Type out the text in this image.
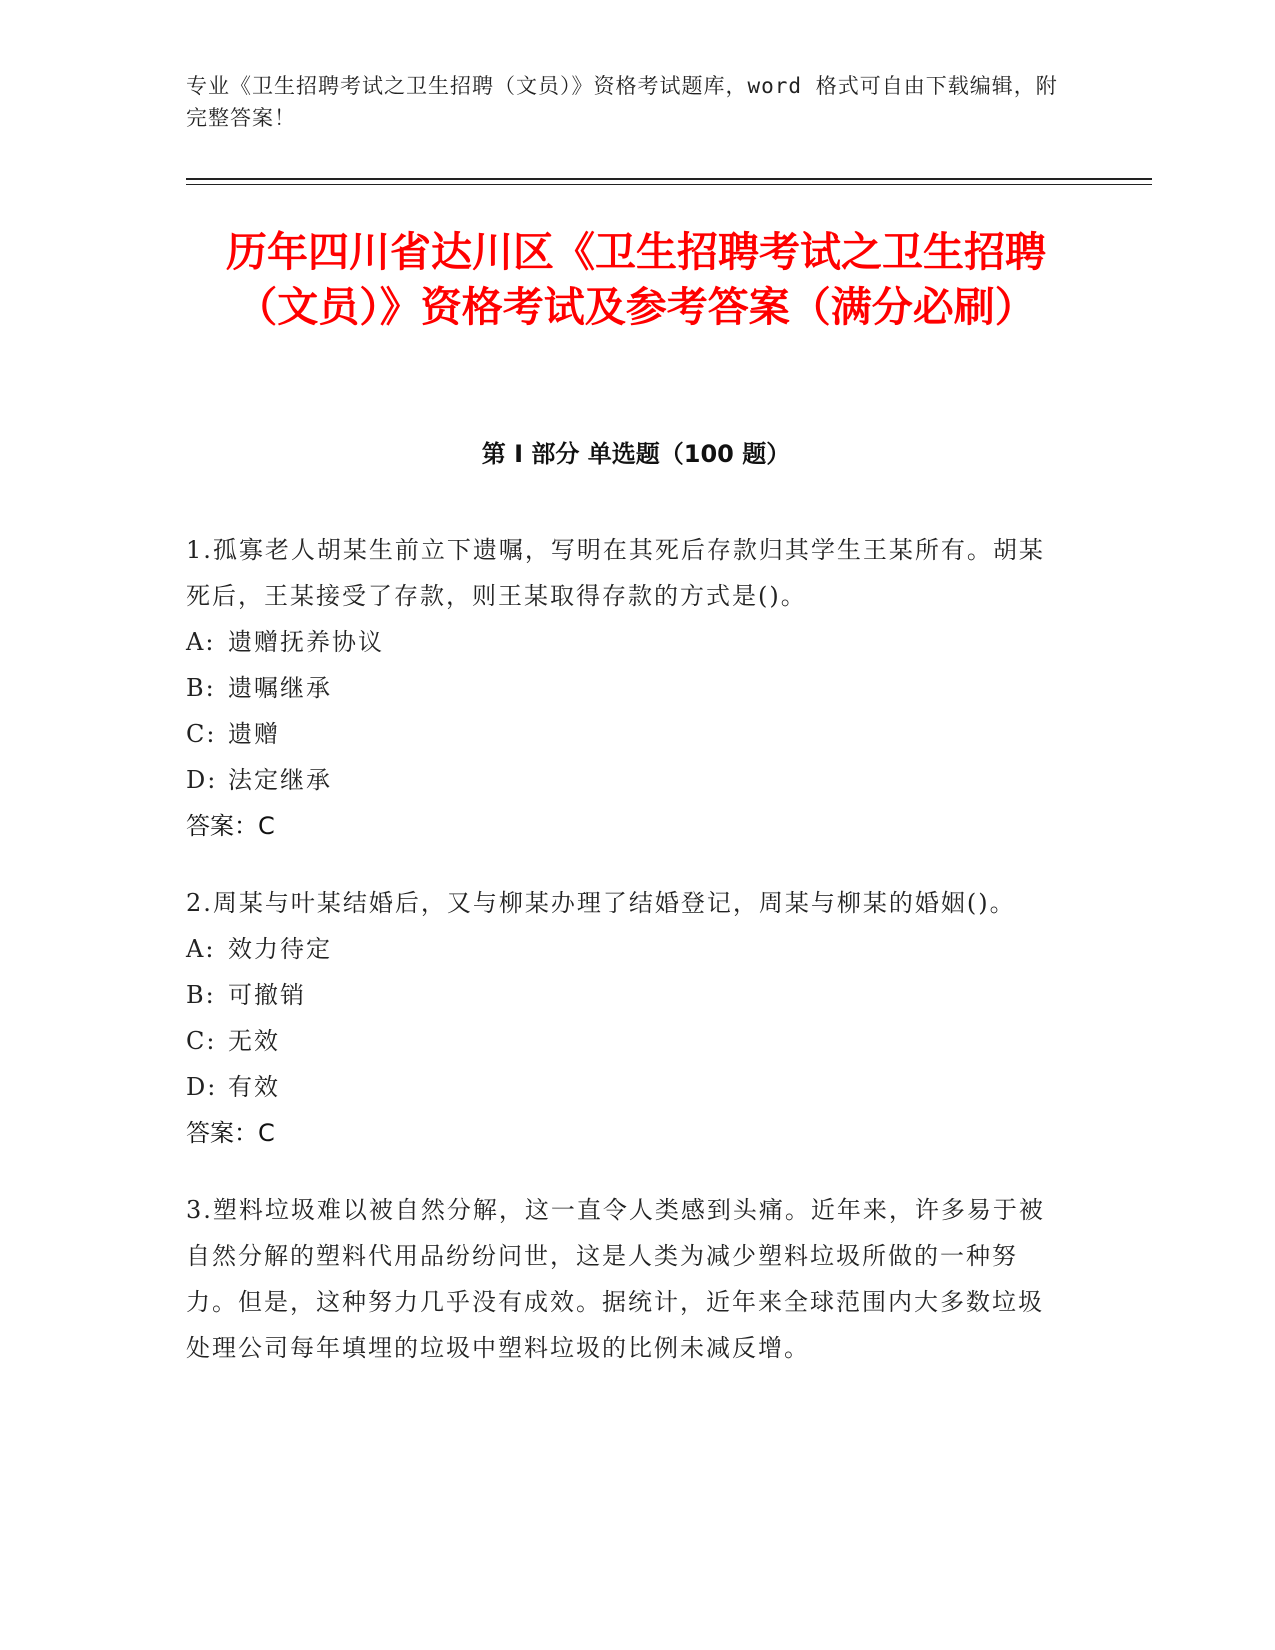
专业《卫生招聘考试之卫生招聘（文员）》资格考试题库，word 格式可自由下载编辑，附完整答案！
历年四川省达川区《卫生招聘考试之卫生招聘（文员）》资格考试及参考答案（满分必刷）
第 I 部分 单选题（100 题）
1.孤寡老人胡某生前立下遗嘱，写明在其死后存款归其学生王某所有。胡某死后，王某接受了存款，则王某取得存款的方式是()。
A: 遗赠抚养协议
B: 遗嘱继承
C: 遗赠
D: 法定继承
答案：C
2.周某与叶某结婚后，又与柳某办理了结婚登记，周某与柳某的婚姻()。
A: 效力待定
B: 可撤销
C: 无效
D: 有效
答案：C
3.塑料垃圾难以被自然分解，这一直令人类感到头痛。近年来，许多易于被自然分解的塑料代用品纷纷问世，这是人类为减少塑料垃圾所做的一种努力。但是，这种努力几乎没有成效。据统计，近年来全球范围内大多数垃圾处理公司每年填埋的垃圾中塑料垃圾的比例未减反增。
